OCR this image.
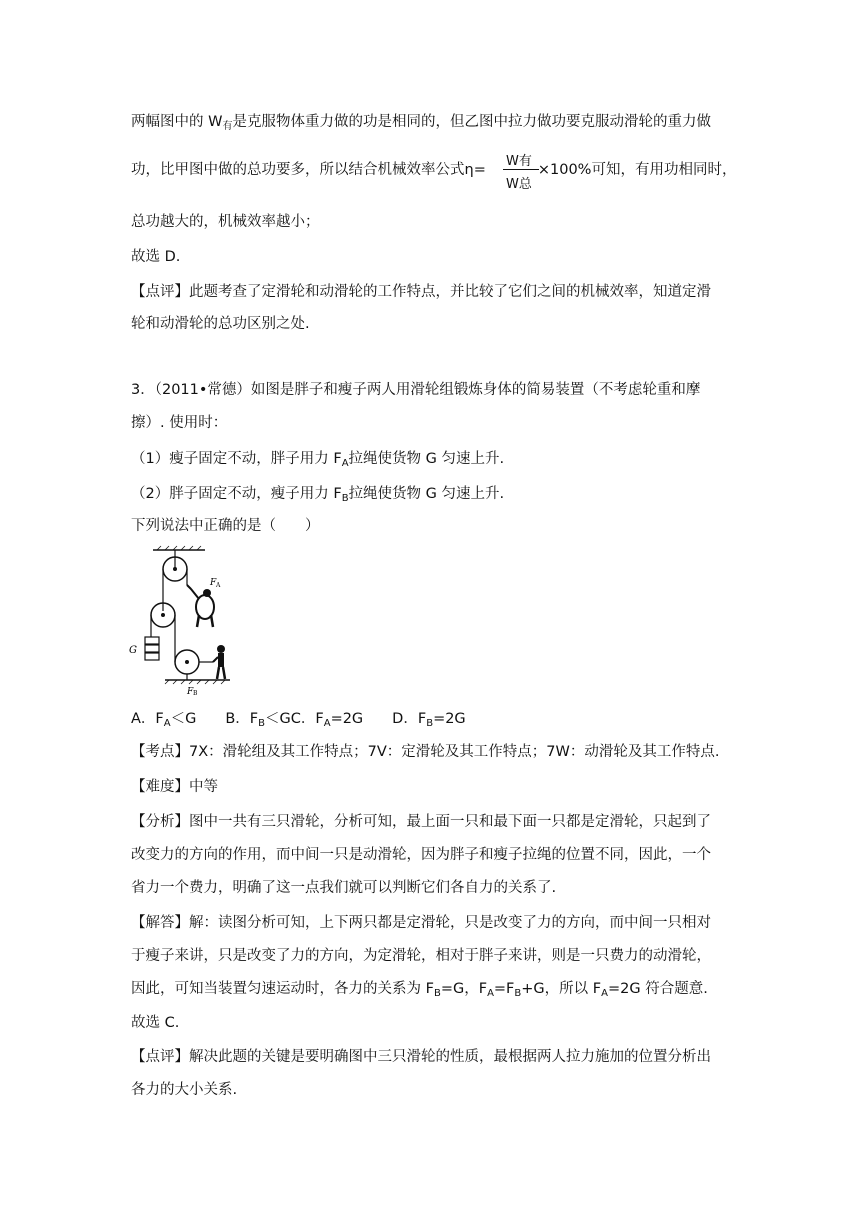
两幅图中的 $W_有$是克服物体重力做的功是相同的，但乙图中拉力做功要克服动滑轮的重力做
功，比甲图中做的总功要多，所以结合机械效率公式η=	×100%可知，有用功相同时，
W有
W总
总功越大的，机械效率越小；
故选 D.
【点评】此题考查了定滑轮和动滑轮的工作特点，并比较了它们之间的机械效率，知道定滑
轮和动滑轮的总功区别之处.
3．（2011•常德）如图是胖子和瘦子两人用滑轮组锻炼身体的简易装置（不考虑轮重和摩
擦）. 使用时：
（1）瘦子固定不动，胖子用力 $F_A$拉绳使货物 G 匀速上升.
（2）胖子固定不动，瘦子用力 $F_B$拉绳使货物 G 匀速上升.
下列说法中正确的是（　　）
G
F A
F B
A．$F_A<G$　　B．$F_B<GC$．$F_A=2G$　　D．$F_B=2G$
【考点】7X：滑轮组及其工作特点；7V：定滑轮及其工作特点；7W：动滑轮及其工作特点.
【难度】中等
【分析】图中一共有三只滑轮，分析可知，最上面一只和最下面一只都是定滑轮，只起到了
改变力的方向的作用，而中间一只是动滑轮，因为胖子和瘦子拉绳的位置不同，因此，一个
省力一个费力，明确了这一点我们就可以判断它们各自力的关系了.
【解答】解：读图分析可知，上下两只都是定滑轮，只是改变了力的方向，而中间一只相对
于瘦子来讲，只是改变了力的方向，为定滑轮，相对于胖子来讲，则是一只费力的动滑轮，
因此，可知当装置匀速运动时，各力的关系为 $F_B=G$，$F_A=F_B+G$，所以 $F_A=2G$ 符合题意.
故选 C.
【点评】解决此题的关键是要明确图中三只滑轮的性质，最根据两人拉力施加的位置分析出
各力的大小关系.
